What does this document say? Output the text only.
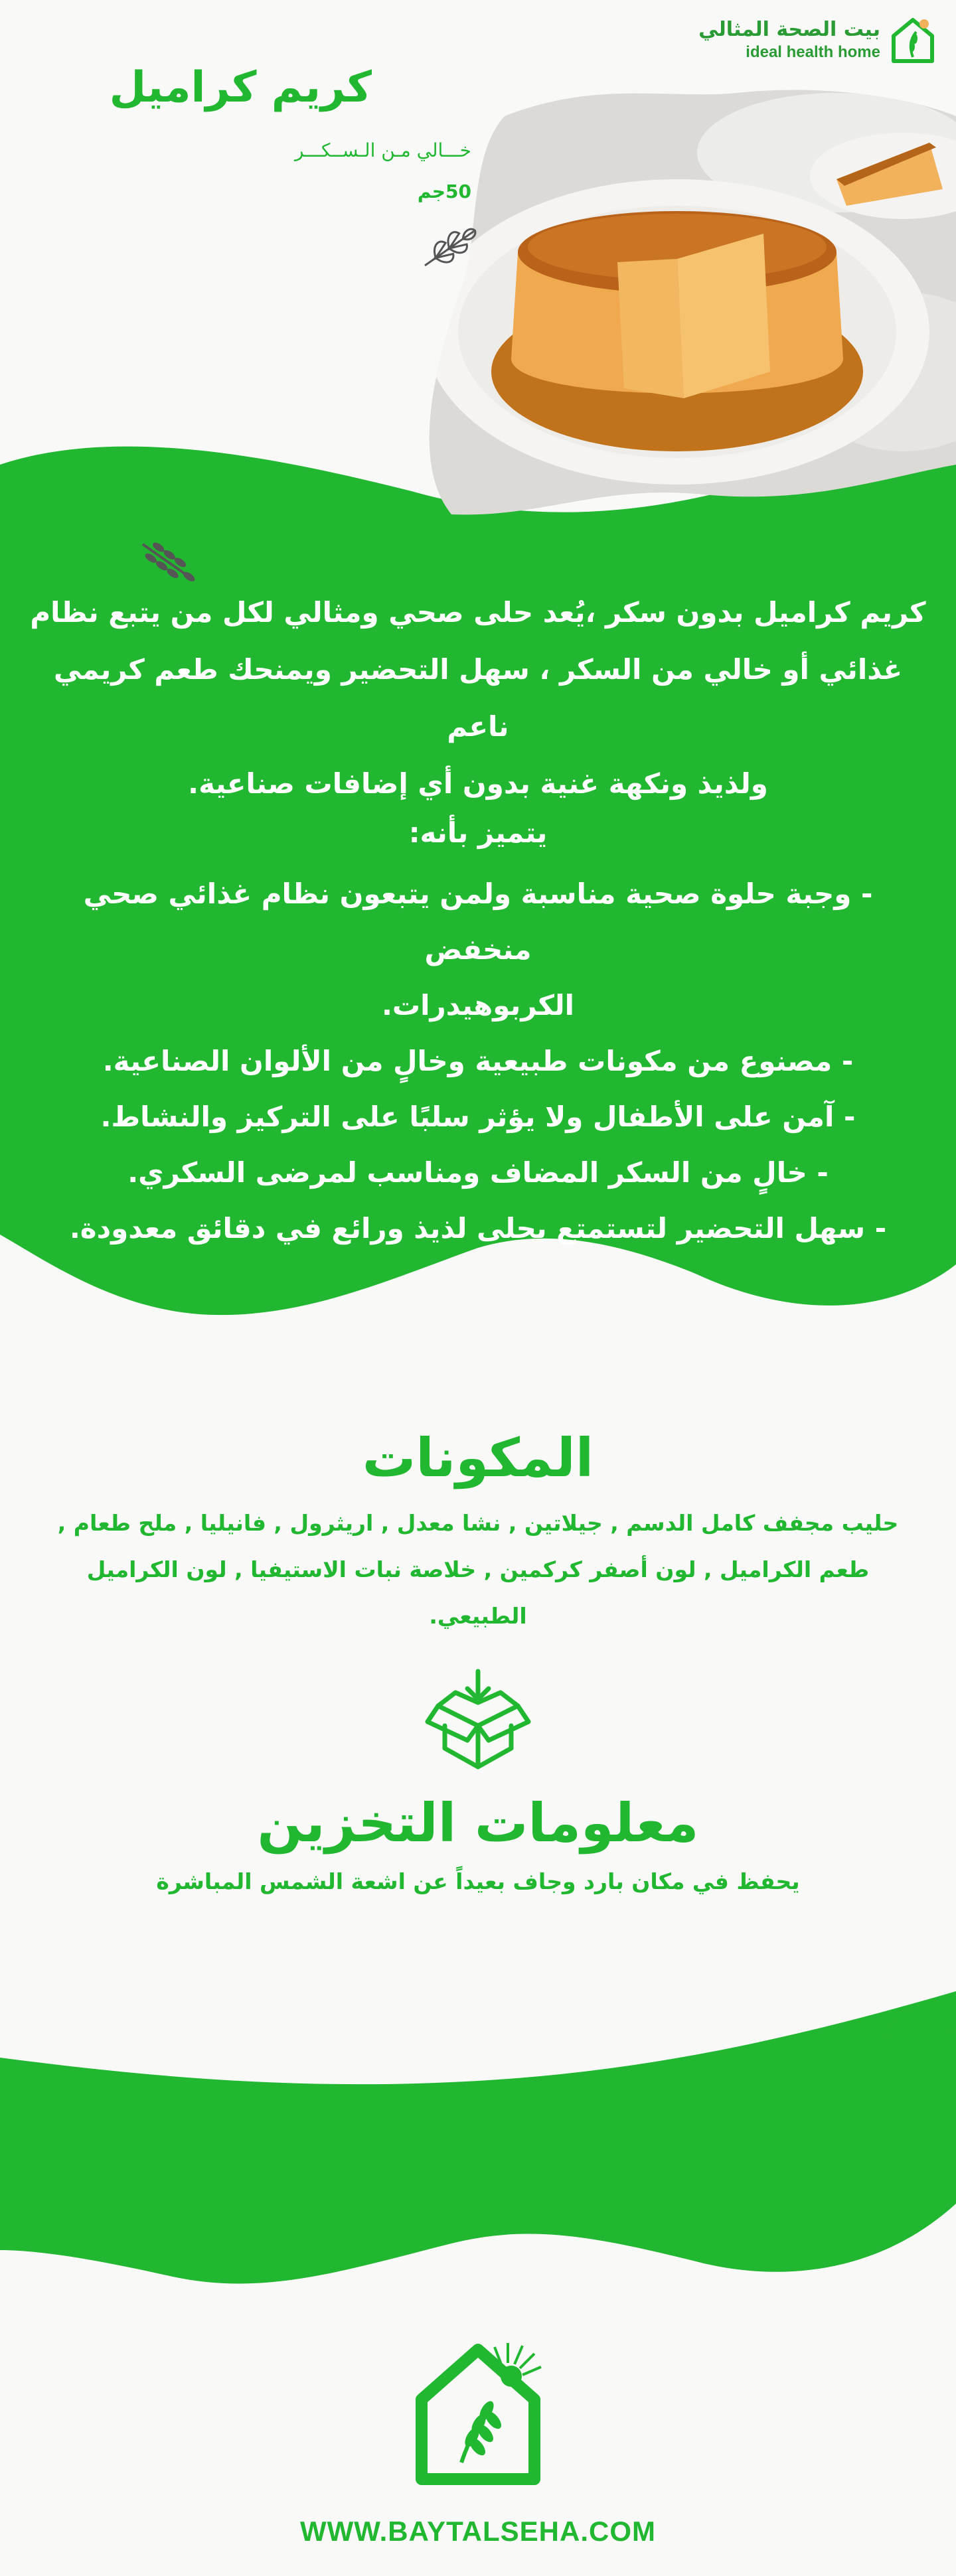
بيت الصحة المثالي
ideal health home
كريم كراميل
خـــالي مـن الـســكـــر
50جم
كريم كراميل بدون سكر ،يُعد حلى صحي ومثالي لكل من يتبع نظام
غذائي أو خالي من السكر ، سهل التحضير ويمنحك طعم كريمي ناعم
ولذيذ ونكهة غنية بدون أي إضافات صناعية.
يتميز بأنه:
- وجبة حلوة صحية مناسبة ولمن يتبعون نظام غذائي صحي منخفض
الكربوهيدرات.
- مصنوع من مكونات طبيعية وخالٍ من الألوان الصناعية.
- آمن على الأطفال ولا يؤثر سلبًا على التركيز والنشاط.
- خالٍ من السكر المضاف ومناسب لمرضى السكري.
- سهل التحضير لتستمتع بحلى لذيذ ورائع في دقائق معدودة.
المكونات
حليب مجفف كامل الدسم , جيلاتين , نشا معدل , اريثرول , فانيليا , ملح طعام ,
طعم الكراميل , لون أصفر كركمين , خلاصة نبات الاستيفيا , لون الكراميل الطبيعي.
معلومات التخزين
يحفظ في مكان بارد وجاف بعيداً عن اشعة الشمس المباشرة
WWW.BAYTALSEHA.COM
